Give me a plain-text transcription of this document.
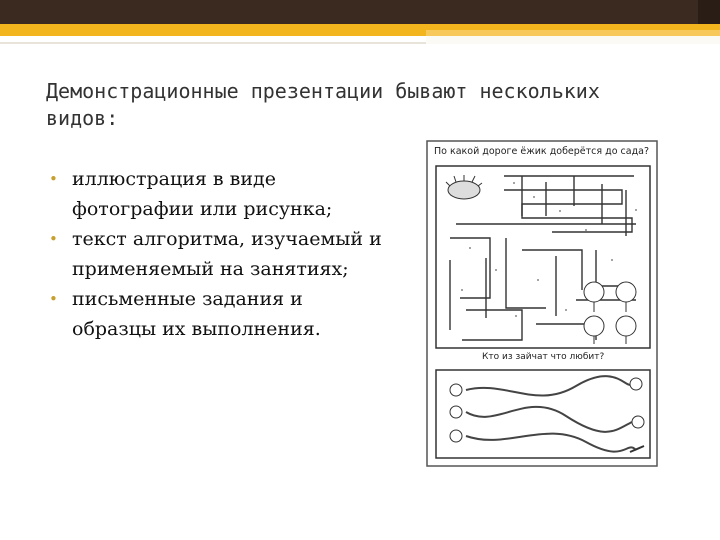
Демонстрационные презентации бывают нескольких видов:
• иллюстрация в виде фотографии или рисунка;
• текст алгоритма, изучаемый и применяемый на занятиях;
• письменные задания и образцы их выполнения.
По какой дороге ёжик доберётся до сада?
Кто из зайчат что любит?
